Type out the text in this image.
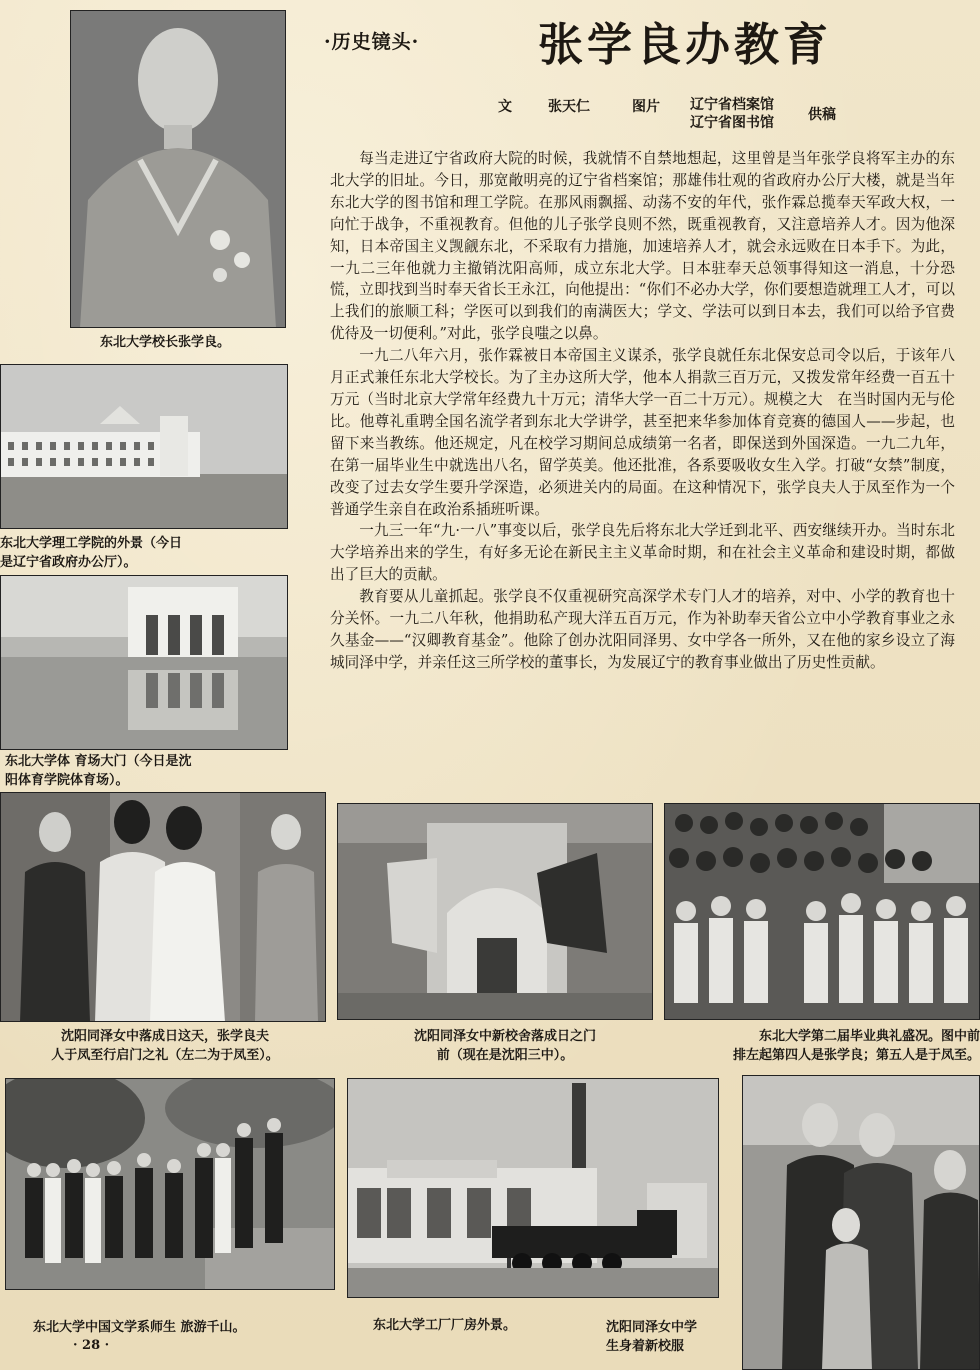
·历史镜头·	张学良办教育
文	张天仁	图片 辽宁省档案馆
辽宁省图书馆 供稿

每当走进辽宁省政府大院的时候，我就情不自禁地想起，这里曾是当年张学良将军主办的东北大学的旧址。今日，那宽敞明亮的辽宁省档案馆；那雄伟壮观的省政府办公厅大楼，就是当年东北大学的图书馆和理工学院。在那风雨飘摇、动荡不安的年代，张作霖总揽奉天军政大权，一向忙于战争，不重视教育。但他的儿子张学良则不然，既重视教育，又注意培养人才。因为他深知，日本帝国主义觊觎东北，不采取有力措施，加速培养人才，就会永远败在日本手下。为此，一九二三年他就力主撤销沈阳高师，成立东北大学。日本驻奉天总领事得知这一消息，十分恐慌，立即找到当时奉天省长王永江，向他提出：“你们不必办大学，你们要想造就理工人才，可以上我们的旅顺工科；学医可以到我们的南满医大；学文、学法可以到日本去，我们可以给予官费优待及一切便利。”对此，张学良嗤之以鼻。

一九二八年六月，张作霖被日本帝国主义谋杀，张学良就任东北保安总司令以后，于该年八月正式兼任东北大学校长。为了主办这所大学，他本人捐款三百万元，又拨发常年经费一百五十万元（当时北京大学常年经费九十万元；清华大学一百二十万元）。规模之大　在当时国内无与伦比。他尊礼重聘全国名流学者到东北大学讲学，甚至把来华参加体育竞赛的德国人——步起，也留下来当教练。他还规定，凡在校学习期间总成绩第一名者，即保送到外国深造。一九二九年，在第一届毕业生中就选出八名，留学英美。他还批准，各系要吸收女生入学。打破“女禁”制度，改变了过去女学生要升学深造，必须进关内的局面。在这种情况下，张学良夫人于凤至作为一个普通学生亲自在政治系插班听课。

一九三一年“九·一八”事变以后，张学良先后将东北大学迁到北平、西安继续开办。当时东北大学培养出来的学生，有好多无论在新民主主义革命时期，和在社会主义革命和建设时期，都做出了巨大的贡献。

教育要从儿童抓起。张学良不仅重视研究高深学术专门人才的培养，对中、小学的教育也十分关怀。一九二八年秋，他捐助私产现大洋五百万元，作为补助奉天省公立中小学教育事业之永久基金——“汉卿教育基金”。他除了创办沈阳同泽男、女中学各一所外，又在他的家乡设立了海城同泽中学，并亲任这三所学校的董事长，为发展辽宁的教育事业做出了历史性贡献。

东北大学校长张学良。
东北大学理工学院的外景（今日
是辽宁省政府办公厅）。
东北大学体 育场大门（今日是沈
阳体育学院体育场）。
沈阳同泽女中落成日这天，张学良夫
人于凤至行启门之礼（左二为于凤至）。
沈阳同泽女中新校舍落成日之门
前（现在是沈阳三中）。
东北大学第二届毕业典礼盛况。图中前
排左起第四人是张学良；第五人是于凤至。
东北大学中国文学系师生 旅游千山。	东北大学工厂厂房外景。	沈阳同泽女中学
生身着新校服
· 28 ·
